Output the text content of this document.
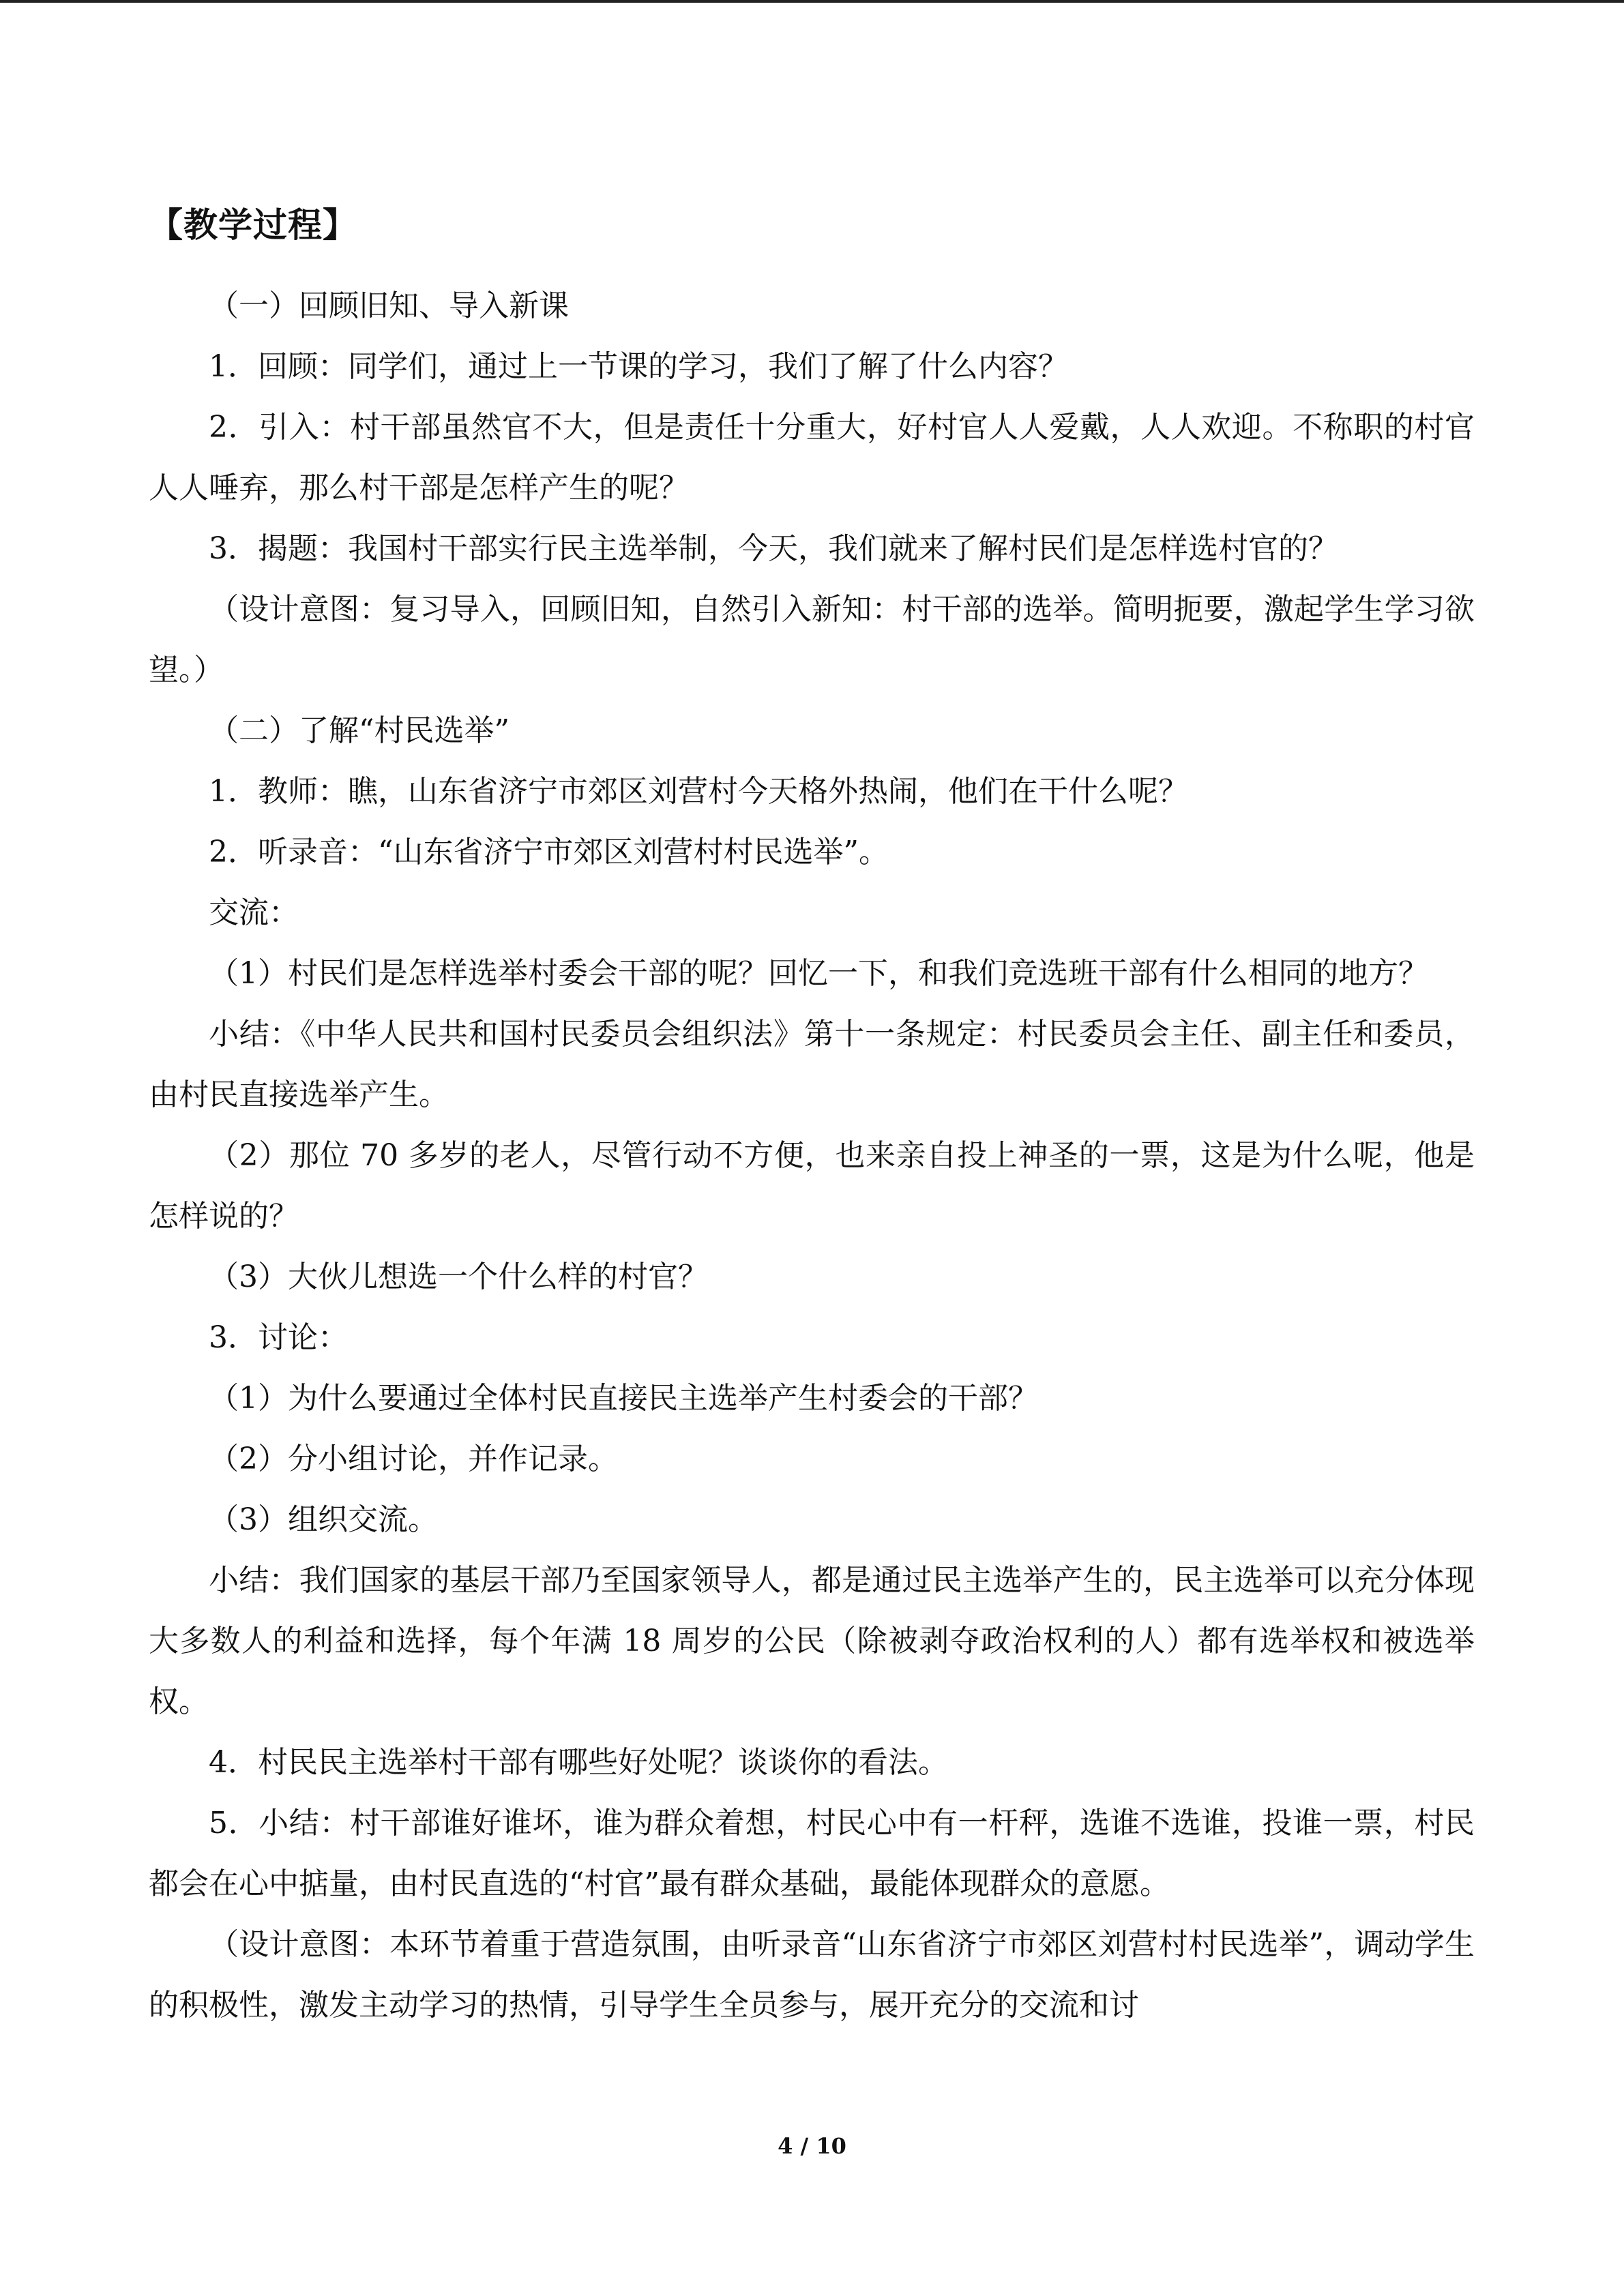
【教学过程】

（一）回顾旧知、导入新课

1．回顾：同学们，通过上一节课的学习，我们了解了什么内容？

2．引入：村干部虽然官不大，但是责任十分重大，好村官人人爱戴，人人欢迎。不称职的村官人人唾弃，那么村干部是怎样产生的呢？

3．揭题：我国村干部实行民主选举制，今天，我们就来了解村民们是怎样选村官的？

（设计意图：复习导入，回顾旧知，自然引入新知：村干部的选举。简明扼要，激起学生学习欲望。）

（二）了解“村民选举”

1．教师：瞧，山东省济宁市郊区刘营村今天格外热闹，他们在干什么呢？

2．听录音：“山东省济宁市郊区刘营村村民选举”。

交流：

（1）村民们是怎样选举村委会干部的呢？回忆一下，和我们竞选班干部有什么相同的地方？

小结：《中华人民共和国村民委员会组织法》第十一条规定：村民委员会主任、副主任和委员，由村民直接选举产生。

（2）那位 70 多岁的老人，尽管行动不方便，也来亲自投上神圣的一票，这是为什么呢，他是怎样说的？

（3）大伙儿想选一个什么样的村官？

3．讨论：

（1）为什么要通过全体村民直接民主选举产生村委会的干部？

（2）分小组讨论，并作记录。

（3）组织交流。

小结：我们国家的基层干部乃至国家领导人，都是通过民主选举产生的，民主选举可以充分体现大多数人的利益和选择，每个年满 18 周岁的公民（除被剥夺政治权利的人）都有选举权和被选举权。

4．村民民主选举村干部有哪些好处呢？谈谈你的看法。

5．小结：村干部谁好谁坏，谁为群众着想，村民心中有一杆秤，选谁不选谁，投谁一票，村民都会在心中掂量，由村民直选的“村官”最有群众基础，最能体现群众的意愿。

（设计意图：本环节着重于营造氛围，由听录音“山东省济宁市郊区刘营村村民选举”，调动学生的积极性，激发主动学习的热情，引导学生全员参与，展开充分的交流和讨

4 / 10
